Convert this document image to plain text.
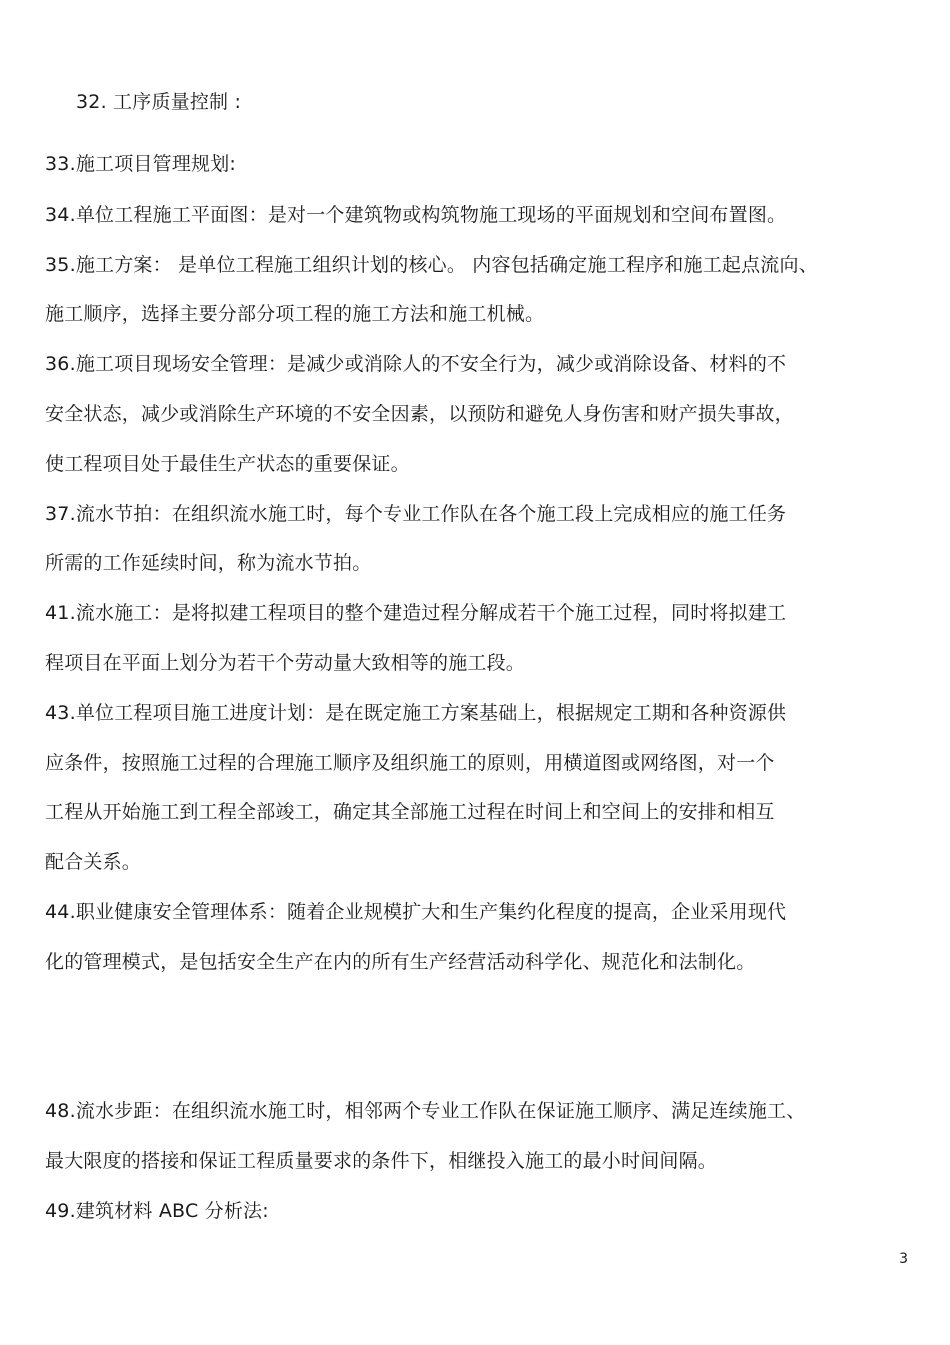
32. 工序质量控制 :
33.施工项目管理规划:
34.单位工程施工平面图：是对一个建筑物或构筑物施工现场的平面规划和空间布置图。
35.施工方案： 是单位工程施工组织计划的核心。 内容包括确定施工程序和施工起点流向、
施工顺序，选择主要分部分项工程的施工方法和施工机械。
36.施工项目现场安全管理：是减少或消除人的不安全行为，减少或消除设备、材料的不
安全状态，减少或消除生产环境的不安全因素，以预防和避免人身伤害和财产损失事故，
使工程项目处于最佳生产状态的重要保证。
37.流水节拍：在组织流水施工时，每个专业工作队在各个施工段上完成相应的施工任务
所需的工作延续时间，称为流水节拍。
41.流水施工：是将拟建工程项目的整个建造过程分解成若干个施工过程，同时将拟建工
程项目在平面上划分为若干个劳动量大致相等的施工段。
43.单位工程项目施工进度计划：是在既定施工方案基础上，根据规定工期和各种资源供
应条件，按照施工过程的合理施工顺序及组织施工的原则，用横道图或网络图，对一个
工程从开始施工到工程全部竣工，确定其全部施工过程在时间上和空间上的安排和相互
配合关系。
44.职业健康安全管理体系：随着企业规模扩大和生产集约化程度的提高，企业采用现代
化的管理模式，是包括安全生产在内的所有生产经营活动科学化、规范化和法制化。
48.流水步距：在组织流水施工时，相邻两个专业工作队在保证施工顺序、满足连续施工、
最大限度的搭接和保证工程质量要求的条件下，相继投入施工的最小时间间隔。
49.建筑材料 ABC 分析法:
3
